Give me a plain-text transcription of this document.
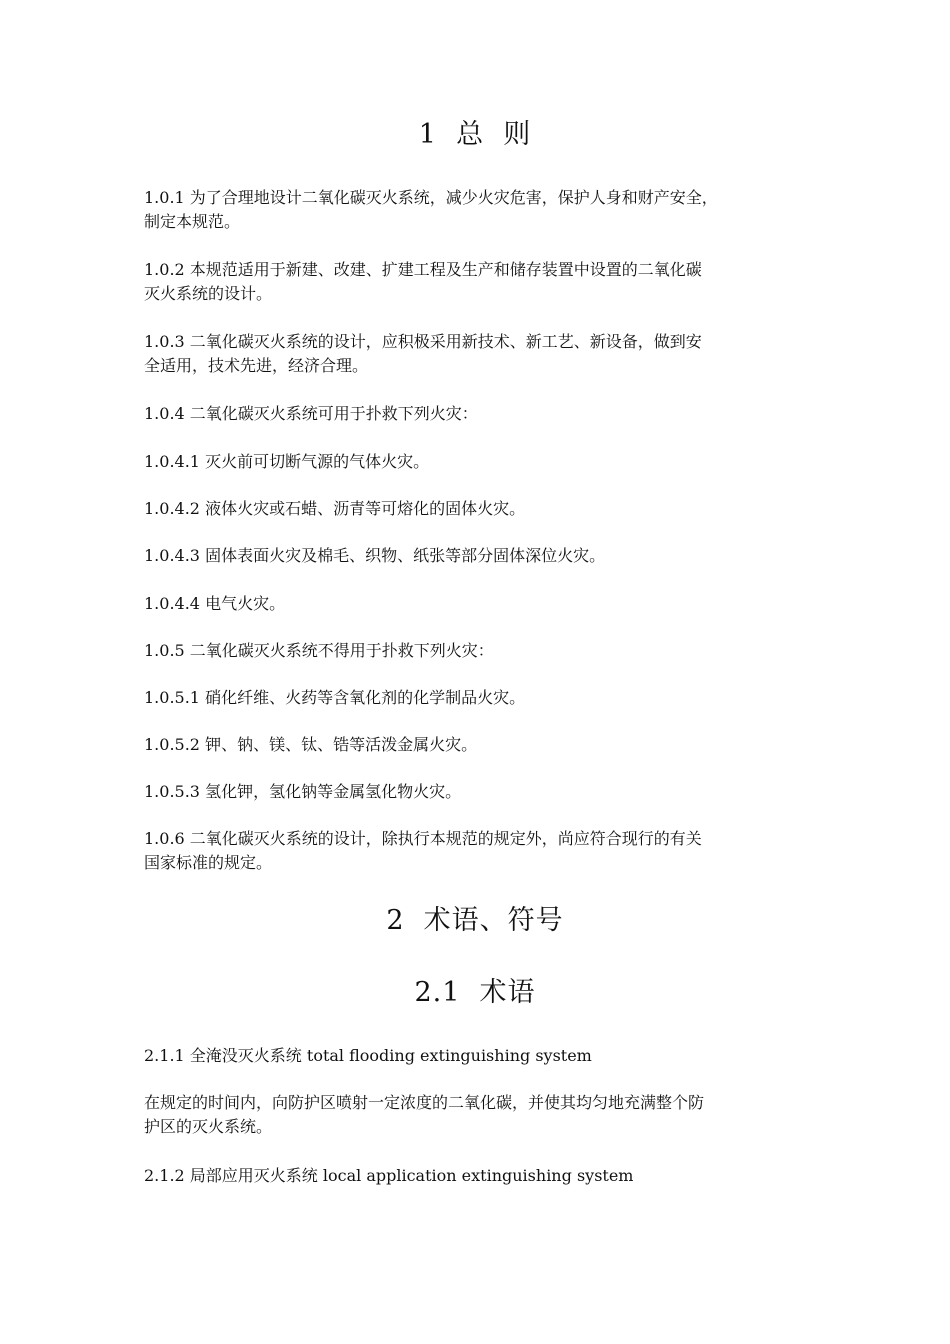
1  总  则
1.0.1 为了合理地设计二氧化碳灭火系统，减少火灾危害，保护人身和财产安全，
制定本规范。
1.0.2 本规范适用于新建、改建、扩建工程及生产和储存装置中设置的二氧化碳
灭火系统的设计。
1.0.3 二氧化碳灭火系统的设计，应积极采用新技术、新工艺、新设备，做到安
全适用，技术先进，经济合理。
1.0.4 二氧化碳灭火系统可用于扑救下列火灾：
1.0.4.1 灭火前可切断气源的气体火灾。
1.0.4.2 液体火灾或石蜡、沥青等可熔化的固体火灾。
1.0.4.3 固体表面火灾及棉毛、织物、纸张等部分固体深位火灾。
1.0.4.4 电气火灾。
1.0.5 二氧化碳灭火系统不得用于扑救下列火灾：
1.0.5.1 硝化纤维、火药等含氧化剂的化学制品火灾。
1.0.5.2 钾、钠、镁、钛、锆等活泼金属火灾。
1.0.5.3 氢化钾，氢化钠等金属氢化物火灾。
1.0.6 二氧化碳灭火系统的设计，除执行本规范的规定外，尚应符合现行的有关
国家标准的规定。
2  术语、符号
2.1  术语
2.1.1 全淹没灭火系统 total flooding extinguishing system
在规定的时间内，向防护区喷射一定浓度的二氧化碳，并使其均匀地充满整个防
护区的灭火系统。
2.1.2 局部应用灭火系统 local application extinguishing system
